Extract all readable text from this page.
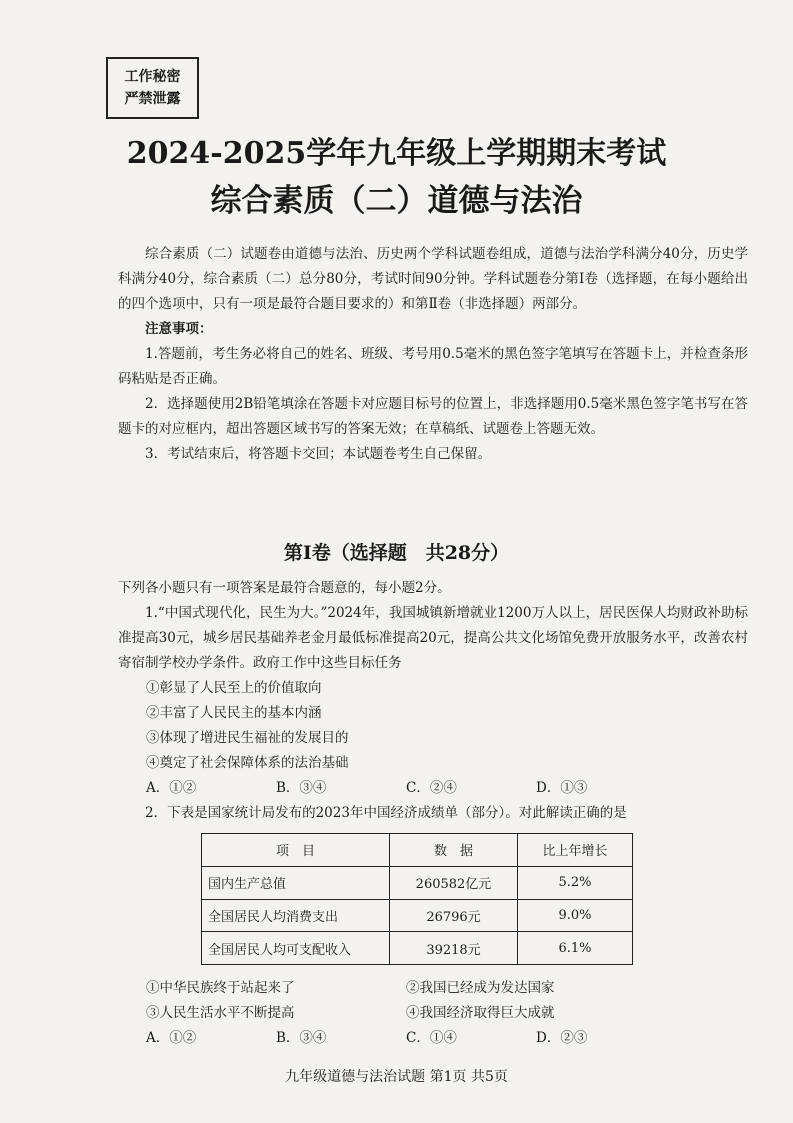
工作秘密
严禁泄露
2024-2025学年九年级上学期期末考试
综合素质（二）道德与法治

综合素质（二）试题卷由道德与法治、历史两个学科试题卷组成，道德与法治学科满分40分，历史学科满分40分，综合素质（二）总分80分，考试时间90分钟。学科试题卷分第Ⅰ卷（选择题，在每小题给出的四个选项中，只有一项是最符合题目要求的）和第Ⅱ卷（非选择题）两部分。

注意事项：

1.答题前，考生务必将自己的姓名、班级、考号用0.5毫米的黑色签字笔填写在答题卡上，并检查条形码粘贴是否正确。

2．选择题使用2B铅笔填涂在答题卡对应题目标号的位置上，非选择题用0.5毫米黑色签字笔书写在答题卡的对应框内，超出答题区域书写的答案无效；在草稿纸、试题卷上答题无效。

3．考试结束后，将答题卡交回；本试题卷考生自己保留。

第Ⅰ卷（选择题　共28分）

下列各小题只有一项答案是最符合题意的，每小题2分。

1.“中国式现代化，民生为大。”2024年，我国城镇新增就业1200万人以上，居民医保人均财政补助标准提高30元，城乡居民基础养老金月最低标准提高20元，提高公共文化场馆免费开放服务水平，改善农村寄宿制学校办学条件。政府工作中这些目标任务

①彰显了人民至上的价值取向

②丰富了人民民主的基本内涵

③体现了增进民生福祉的发展目的

④奠定了社会保障体系的法治基础

A．①②	B．③④	C．②④	D．①③

2．下表是国家统计局发布的2023年中国经济成绩单（部分）。对此解读正确的是

项　目	数　据	比上年增长
国内生产总值	260582亿元	5.2%
全国居民人均消费支出	26796元	9.0%
全国居民人均可支配收入	39218元	6.1%
①中华民族终于站起来了	②我国已经成为发达国家
③人民生活水平不断提高	④我国经济取得巨大成就
A．①②	B．③④	C．①④	D．②③
九年级道德与法治试题 第1页 共5页
